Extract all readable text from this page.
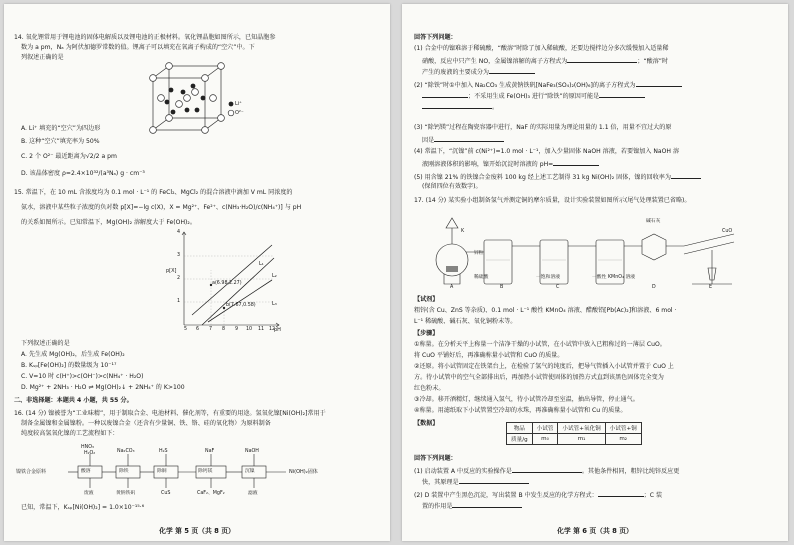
14. 氧化锂常用于锂电池的固体电解质以及锂电池的正极材料。氧化锂晶胞如图所示，已知晶胞参
数为 a pm，Nₐ 为阿伏加德罗常数的值。锂离子可以填充在氧离子构成的“空穴”中。下
列叙述正确的是
Li⁺
O²⁻
A. Li⁺ 填充的“空穴”为四边形
B. 这种“空穴”填充率为 50%
C. 2 个 O²⁻ 最近距离为√2/2 a pm
D. 该晶体密度 ρ=2.4×10³²/(a³Nₐ) g · cm⁻³
15. 常温下，在 10 mL 含浓度均为 0.1 mol · L⁻¹ 的 FeCl₂、MgCl₂ 的混合溶液中滴加 V mL 同浓度的
氨水，溶液中某些粒子浓度的负对数 p[X]=−lg c(X)，X = Mg²⁺、Fe²⁺、c(NH₃·H₂O)/c(NH₄⁺)] 与 pH
的关系如图所示。已知常温下，Mg(OH)₂ 溶解度大于 Fe(OH)₂。
p[X]
pH
a(6.98,2.27)
b(7.67,0.58)
L₁
L₂
L₃
5 6 7 8 9 10 11 12
1
2
3
4
下列叙述正确的是
A. 先生成 Mg(OH)₂，后生成 Fe(OH)₂
B. Kₛₚ[Fe(OH)₂] 的数量级为 10⁻¹⁷
C. V=10 时 c(H⁺)>c(OH⁻)>c(NH₄⁺ · H₂O)
D. Mg²⁺ + 2NH₃ · H₂O ⇌ Mg(OH)₂↓ + 2NH₄⁺ 的 K>100
二、非选择题：本题共 4 小题，共 55 分。
16. (14 分) 镍被誉为“工业味精”，用于制取合金、电池材料、催化剂等，有重要的用途。氢氧化镍[Ni(OH)₂]常用于
制备金属镍和金属镍粉。一种以废镍合金（还含有少量铜、铁、铬、硅的氧化物）为原料制备
纯度较高氢氧化镍的工艺流程如下：
镍铁合金原料
HNO₃
H₂O₂	Na₂CO₃	H₂S	NaF	NaOH
酸溶	除铁	除铜	除钙镁	沉镍
废液	黄钠铁矾	CuS	CaF₂、MgF₂	滤液
Ni(OH)₂固体
已知，常温下，Kₛₚ[Ni(OH)₂] = 1.0×10⁻¹⁵·⁶
化学 第 5 页（共 8 页）
回答下列问题：
(1) 合金中的镍难溶于稀硫酸，“酸溶”时除了加入稀硫酸，还要边搅拌边分多次缓慢加入适量稀
硝酸，反应中只产生 NO，金属镍溶解的离子方程式为	；“酸溶”时
产生的废液的主要成分为
(2) “除铁”时①中加入 Na₂CO₃ 生成黄钠铁矾[NaFe₃(SO₄)₂(OH)₆]的离子方程式为
；不采用生成 Fe(OH)₃ 进行“除铁”的原因可能是
。
(3) “除钙镁”过程在陶瓷容器中进行，NaF 的实际用量为理论用量的 1.1 倍，用量不宜过大的原
因是
(4) 常温下，“沉镍”前 c(Ni²⁺)=1.0 mol · L⁻¹，加入少量固体 NaOH 溶液，若要镍加入 NaOH 溶
液刚溶液体积的影响，镍开始沉淀时溶液的 pH=
(5) 用含镍 21% 的铁镍合金废料 100 kg 经上述工艺制得 31 kg Ni(OH)₂ 固体，镍的回收率为
(保留四位有效数字)。
17. (14 分) 某实验小组制备氢气并测定铜的摩尔质量，设计实验装置如图所示(尾气处理装置已省略)。
K
锌粒
稀硫酸	一饱和溶液	一酸性 KMnO₄ 溶液
碱石灰
CuO
A	B	C	D	E
【试剂】
粗锌(含 Cu、ZnS 等杂质)、0.1 mol · L⁻¹ 酸性 KMnO₄ 溶液、醋酸铅[Pb(Ac)₂]和溶液、6 mol ·
L⁻¹ 稀硫酸、碱石灰、氧化铜粉末等。
【步骤】
①称量。在分析天平上称量一个洁净干燥的小试管，在小试管中放入已粗称过的一薄层 CuO。
将 CuO 平铺好后，再准确称量小试管和 CuO 的质量。
②还原。将小试管固定在铁架台上，在检验了氢气的纯度后，把导气管插入小试管并置于 CuO 上
方。待小试管中的空气全部排出后，再加热小试管使固体的加热方式直到该黑色固体完全变为
红色粉末。
③冷却。移开酒精灯，继续通入氢气，待小试管冷却至室温，抽出导管，停止通气。
④称量。用滤纸取下小试管置空冷却的水珠，再准确称量小试管和 Cu 的质量。
【数据】
物品	小试管	小试管+氧化铜	小试管+铜
质量/g	m₀	m₁	m₂
回答下列问题：
(1) 启动装置 A 中反应的实验操作是	。其他条件相同，粗锌比纯锌反应更
快，其原理是
(2) D 装置中产生黑色沉淀，写出装置 B 中发生反应的化学方程式：	；C 装
置的作用是
化学 第 6 页（共 8 页）
